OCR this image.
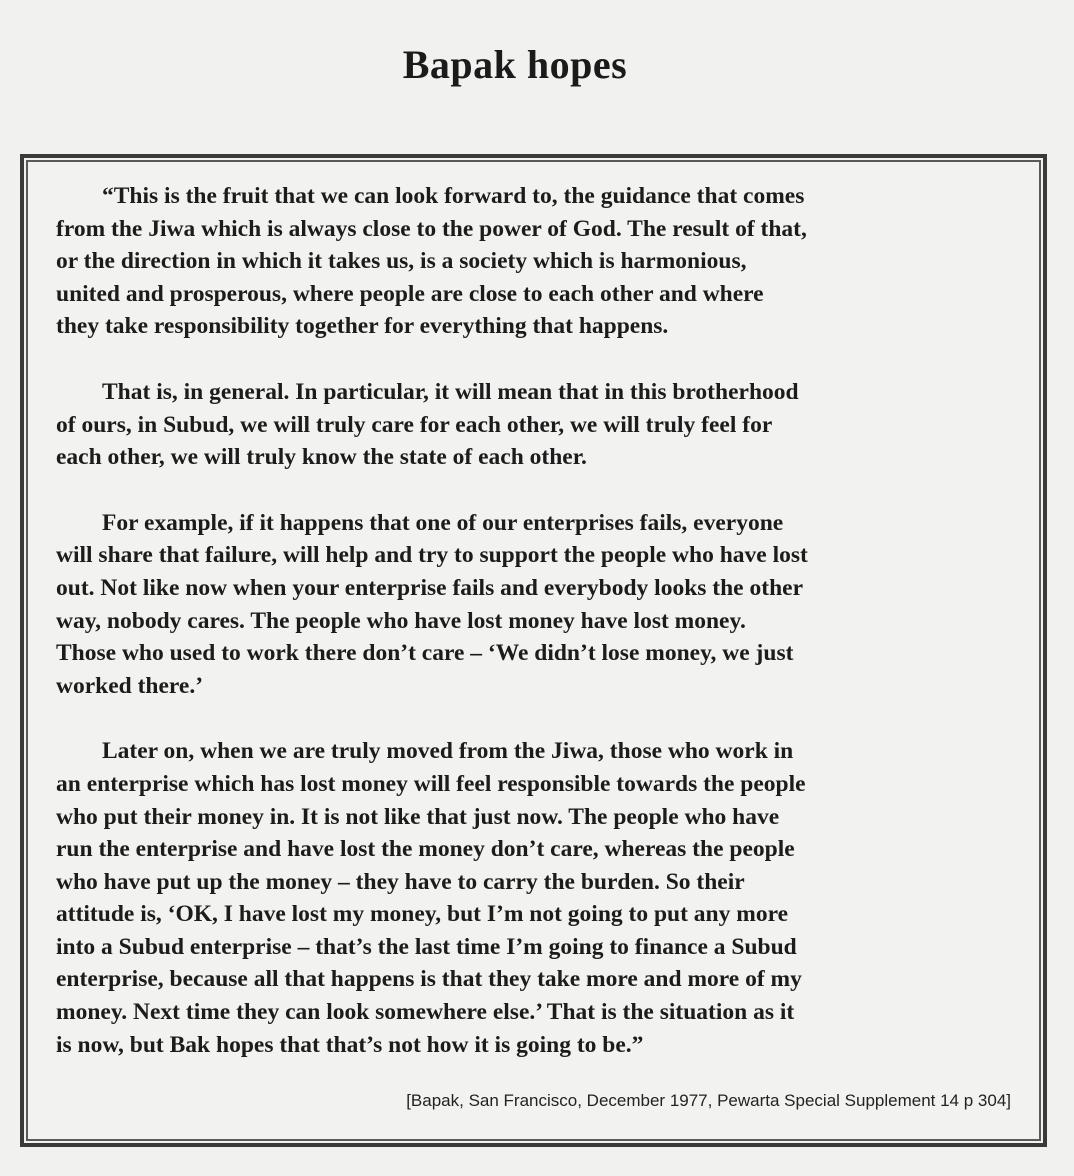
Bapak hopes

“This is the fruit that we can look forward to, the guidance that comes
from the Jiwa which is always close to the power of God. The result of that,
or the direction in which it takes us, is a society which is harmonious,
united and prosperous, where people are close to each other and where
they take responsibility together for everything that happens.

That is, in general. In particular, it will mean that in this brotherhood
of ours, in Subud, we will truly care for each other, we will truly feel for
each other, we will truly know the state of each other.

For example, if it happens that one of our enterprises fails, everyone
will share that failure, will help and try to support the people who have lost
out. Not like now when your enterprise fails and everybody looks the other
way, nobody cares. The people who have lost money have lost money.
Those who used to work there don’t care – ‘We didn’t lose money, we just
worked there.’

Later on, when we are truly moved from the Jiwa, those who work in
an enterprise which has lost money will feel responsible towards the people
who put their money in. It is not like that just now. The people who have
run the enterprise and have lost the money don’t care, whereas the people
who have put up the money – they have to carry the burden. So their
attitude is, ‘OK, I have lost my money, but I’m not going to put any more
into a Subud enterprise – that’s the last time I’m going to finance a Subud
enterprise, because all that happens is that they take more and more of my
money. Next time they can look somewhere else.’ That is the situation as it
is now, but Bak hopes that that’s not how it is going to be.”

[Bapak, San Francisco, December 1977, Pewarta Special Supplement 14 p 304]
